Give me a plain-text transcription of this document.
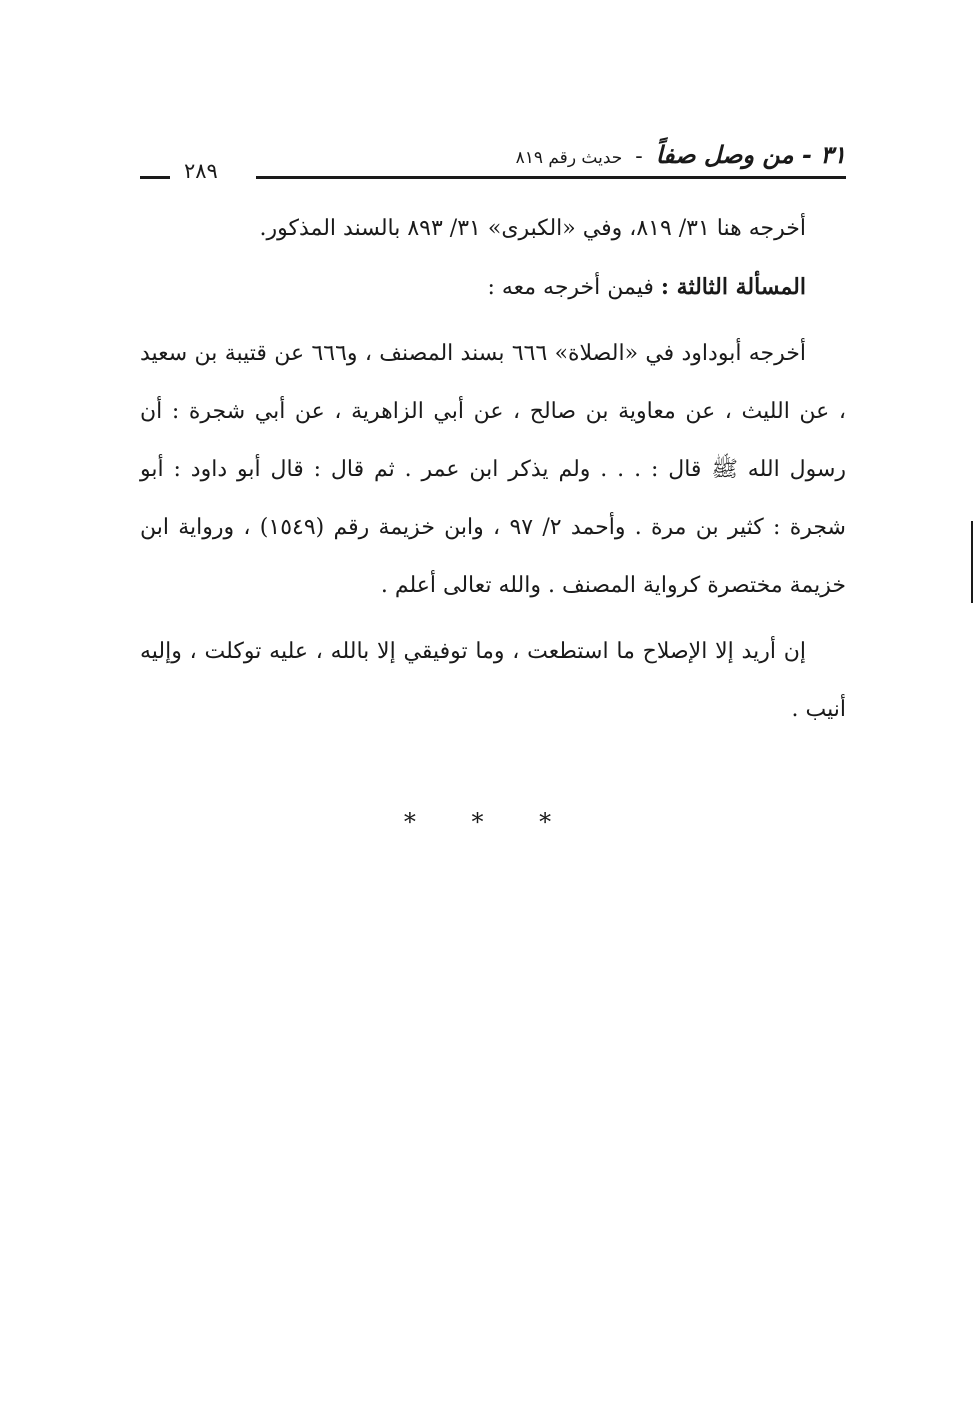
٣١ - من وصل صفاً - حديث رقم ٨١٩
٢٨٩

أخرجه هنا ٣١/ ٨١٩، وفي «الكبرى» ٣١/ ٨٩٣ بالسند المذكور.

المسألة الثالثة : فيمن أخرجه معه :

أخرجه أبوداود في «الصلاة» ٦٦٦ بسند المصنف ، و٦٦٦ عن قتيبة بن سعيد ، عن الليث ، عن معاوية بن صالح ، عن أبي الزاهرية ، عن أبي شجرة : أن رسول الله ﷺ قال : . . . ولم يذكر ابن عمر . ثم قال : قال أبو داود : أبو شجرة : كثير بن مرة . وأحمد ٢/ ٩٧ ، وابن خزيمة رقم (١٥٤٩) ، ورواية ابن خزيمة مختصرة كرواية المصنف . والله تعالى أعلم .

إن أريد إلا الإصلاح ما استطعت ، وما توفيقي إلا بالله ، عليه توكلت ، وإليه أنيب .

* * *
